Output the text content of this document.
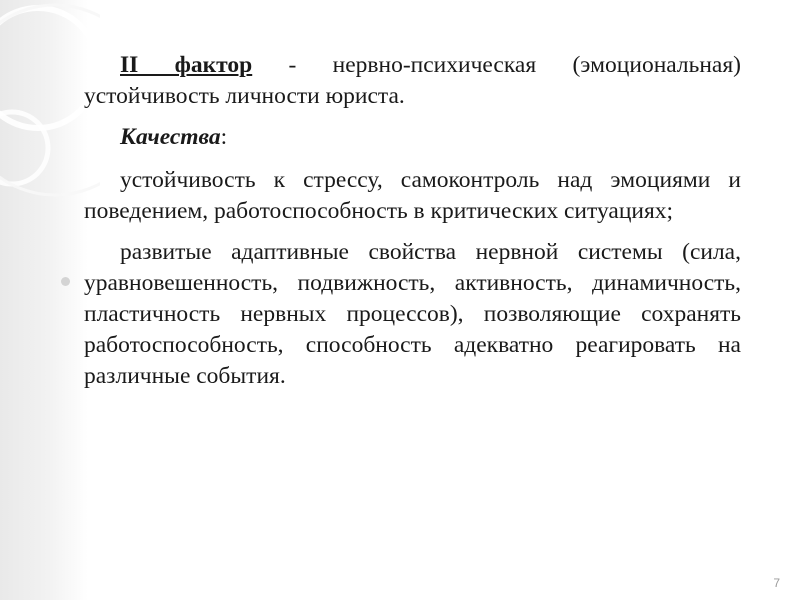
II фактор - нервно-психическая (эмоциональная) устойчивость личности юриста.

Качества:

устойчивость к стрессу, самоконтроль над эмоциями и поведением, работоспособность в критических ситуациях;

развитые адаптивные свойства нервной системы (сила, уравновешенность, подвижность, активность, динамичность, пластичность нервных процессов), позволяющие сохранять работоспособность, способность адекватно реагировать на различные события.

7
